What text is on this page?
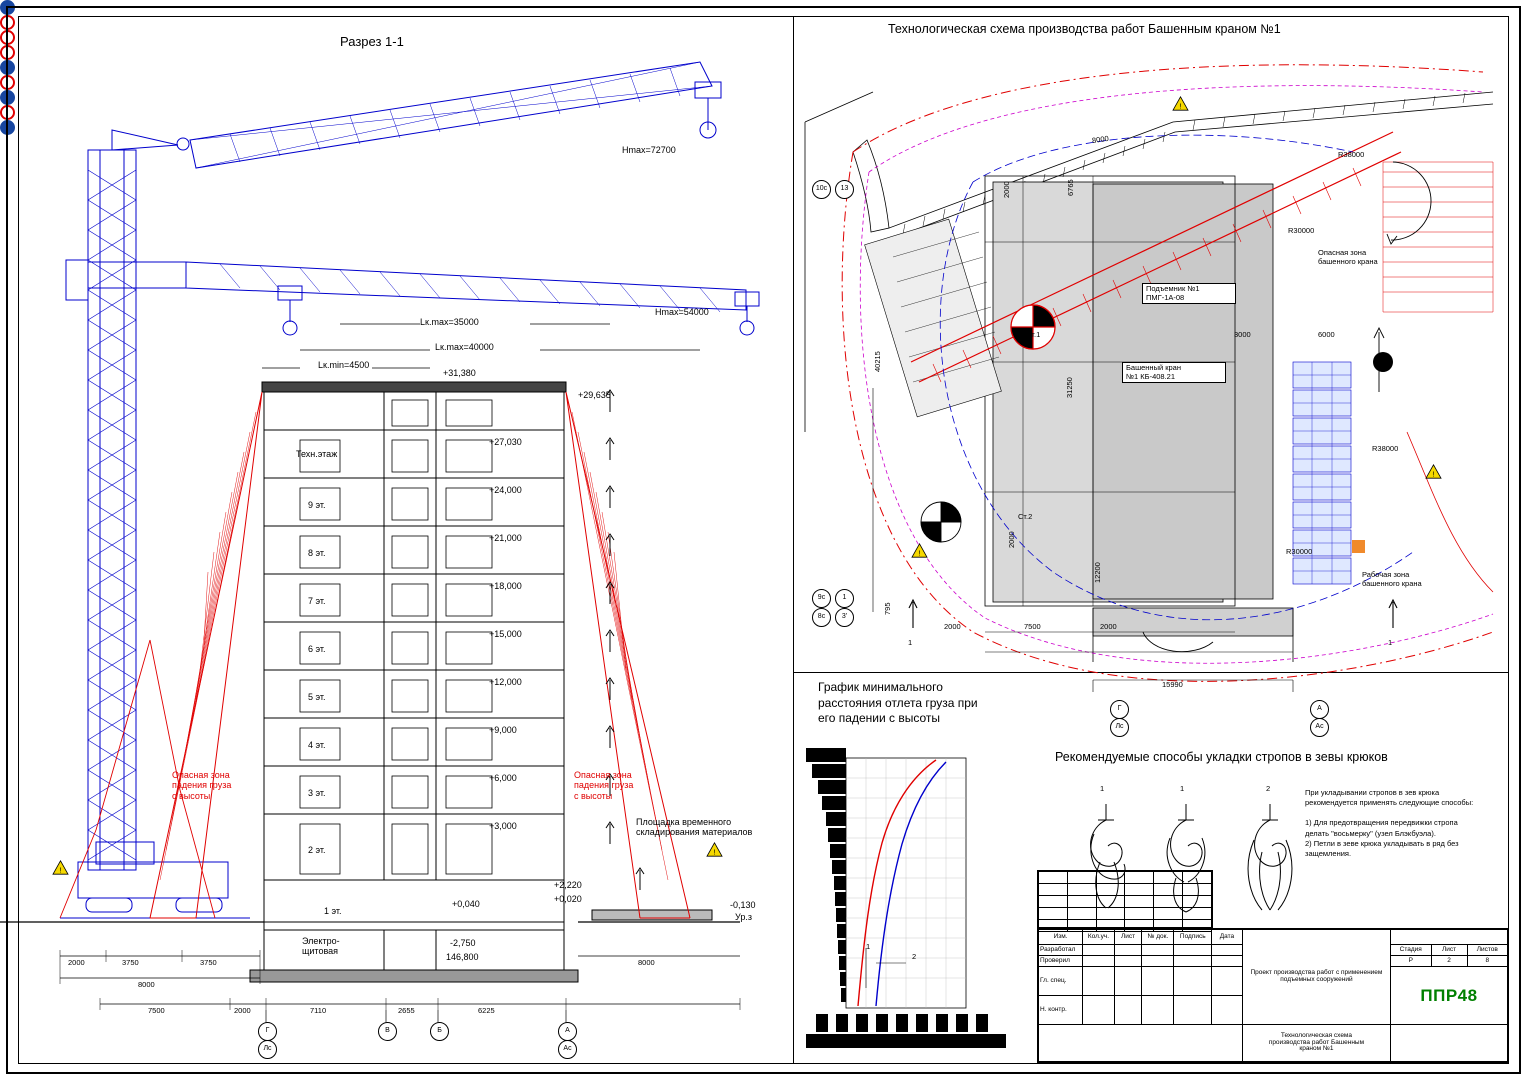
Разрез 1-1
Технологическая схема производства работ Башенным краном №1
Hmax=72700
Hmax=54000
Lк.max=35000
Lк.max=40000
Lк.min=4500
+31,380
+29,635
Техн.этаж
+27,030
9 эт.
+24,000
8 эт.
+21,000
7 эт.
+18,000
6 эт.
+15,000
5 эт.
+12,000
4 эт.
+9,000
3 эт.
+6,000
2 эт.
+3,000
1 эт.
+0,040
+2,220
+0,020
-0,130
Ур.з
-2,750
146,800
Электро-
щитовая
Опасная зона
падения груза
с высоты
Опасная зона
падения груза
с высоты
Площадка временного
складирования материалов
2000	3750	3750
8000
8000
7500	2000	7110	2655	6225
Г
Лс
В	Б	А
Ас
!
!
Подъемник №1
ПМГ-1А-08
Башенный кран
№1 КБ-408.21
Опасная зона
башенного крана
Рабочая зона
башенного крана
Ст.1
Ст.2
R38000
R30000
R38000
R30000
8000
2000	6765
3000	6000
40215
31250
2000
12200
795
2000	7500	2000
15990
10с	13
9с	1
8с	3'
Г
Лс
А
Ас
1	1
!
!
!
График минимального
расстояния отлета груза при
его падении с высоты
1
2
Рекомендуемые способы укладки стропов в зевы крюков
1	1	2	При укладывании стропов в зев крюка
рекомендуется применять следующие способы:

1) Для предотвращения передвижки стропа
делать "восьмерку" (узел Блэкбуэла).
2) Петли в зеве крюка укладывать в ряд без
защемления.
Изм.	Кол.уч.	Лист	№ док.	Подпись	Дата	Проект производства работ с применением подъемных сооружений			
Разработал							Стадия	Лист	Листов
Проверил							Р	2	8
Гл. спец.							ППР48		
Н. контр.									
						Технологическая схема
производства работ Башенным
краном №1			
